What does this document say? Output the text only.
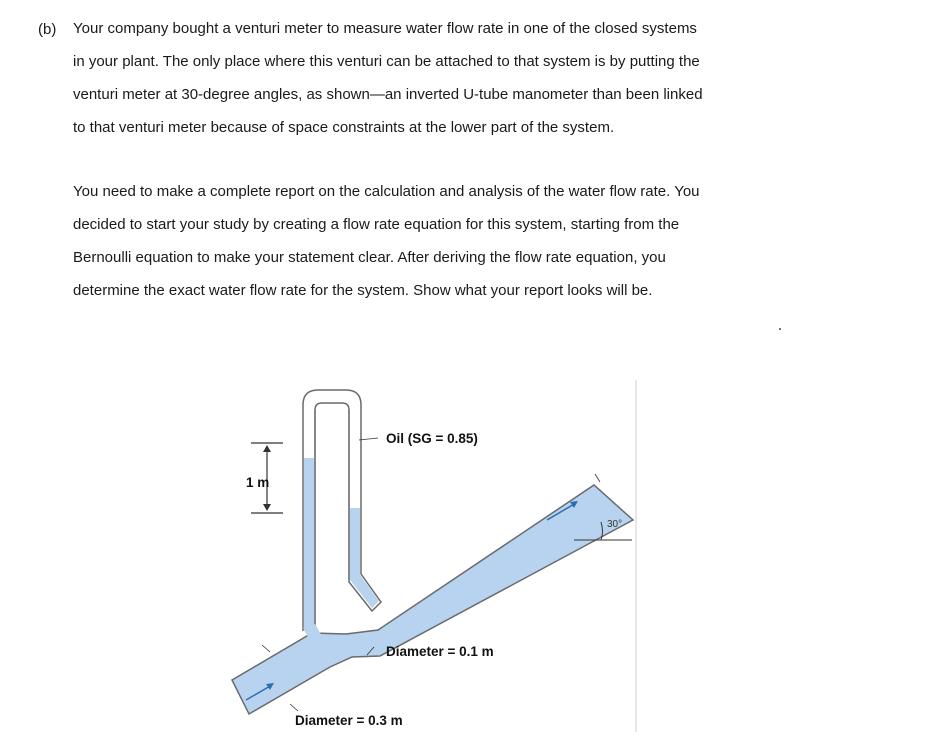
(b) Your company bought a venturi meter to measure water flow rate in one of the closed systems
in your plant. The only place where this venturi can be attached to that system is by putting the
venturi meter at 30-degree angles, as shown—an inverted U-tube manometer than been linked
to that venturi meter because of space constraints at the lower part of the system.
You need to make a complete report on the calculation and analysis of the water flow rate. You
decided to start your study by creating a flow rate equation for this system, starting from the
Bernoulli equation to make your statement clear. After deriving the flow rate equation, you
determine the exact water flow rate for the system. Show what your report looks will be.
1 m
30°
Oil (SG = 0.85)
Diameter = 0.1 m
Diameter = 0.3 m
